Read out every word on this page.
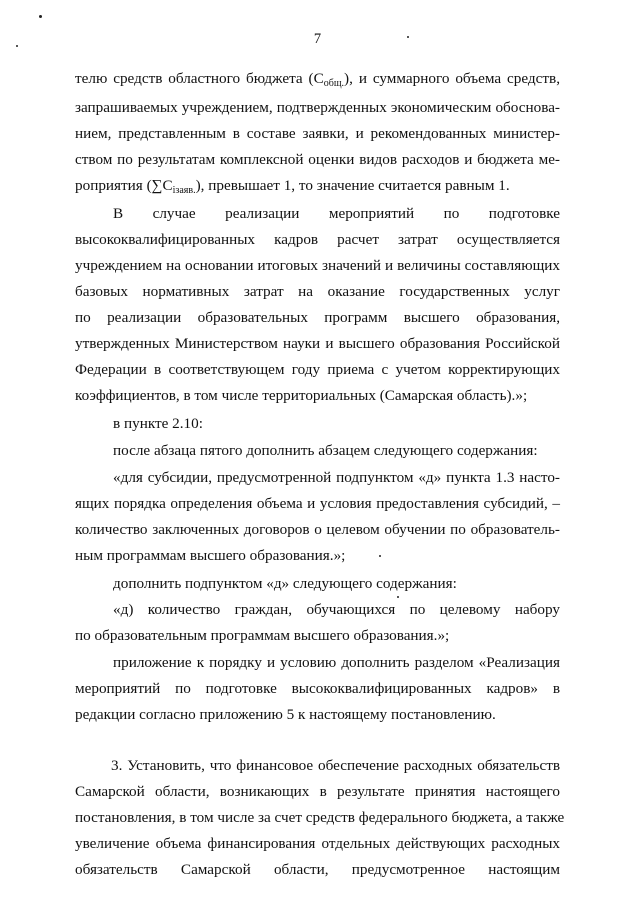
7
телю средств областного бюджета $(C_{общ.})$, и суммарного объема средств,
запрашиваемых учреждением, подтвержденных экономическим обоснова-
нием, представленным в составе заявки, и рекомендованных министер-
ством по результатам комплексной оценки видов расходов и бюджета ме-
роприятия $(\sum C_{iзаяв.})$, превышает 1, то значение считается равным 1.
В случае реализации мероприятий по подготовке
высококвалифицированных кадров расчет затрат осуществляется
учреждением на основании итоговых значений и величины составляющих
базовых нормативных затрат на оказание государственных услуг
по реализации образовательных программ высшего образования,
утвержденных Министерством науки и высшего образования Российской
Федерации в соответствующем году приема с учетом корректирующих
коэффициентов, в том числе территориальных (Самарская область).»;
в пункте 2.10:
после абзаца пятого дополнить абзацем следующего содержания:
«для субсидии, предусмотренной подпунктом «д» пункта 1.3 насто-
ящих порядка определения объема и условия предоставления субсидий, –
количество заключенных договоров о целевом обучении по образователь-
ным программам высшего образования.»;
дополнить подпунктом «д» следующего содержания:
«д) количество граждан, обучающихся по целевому набору
по образовательным программам высшего образования.»;
приложение к порядку и условию дополнить разделом «Реализация
мероприятий по подготовке высококвалифицированных кадров» в
редакции согласно приложению 5 к настоящему постановлению.
3. Установить, что финансовое обеспечение расходных обязательств
Самарской области, возникающих в результате принятия настоящего
постановления, в том числе за счет средств федерального бюджета, а также
увеличение объема финансирования отдельных действующих расходных
обязательств Самарской области, предусмотренное настоящим
